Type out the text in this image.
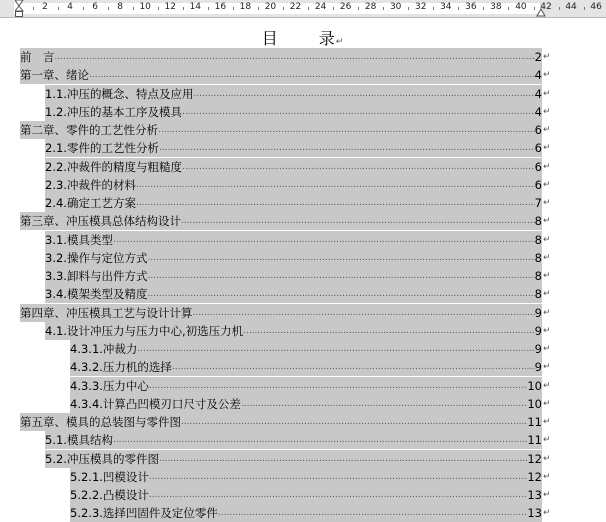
2 4 6 8 10 12 14 16 18 20 22 24 26 28 30 32 34 36 38 40 42 44 46
目	录↵
前　言 .....	2 ↵
第一章、绪论 .....	4 ↵
1.1.冲压的概念、特点及应用 .....	4 ↵
1.2.冲压的基本工序及模具 .....	4 ↵
第二章、零件的工艺性分析 .....	6 ↵
2.1.零件的工艺性分析 .....	6 ↵
2.2.冲裁件的精度与粗糙度 .....	6 ↵
2.3.冲裁件的材料 .....	6 ↵
2.4.确定工艺方案 .....	7 ↵
第三章、冲压模具总体结构设计 .....	8 ↵
3.1.模具类型 .....	8 ↵
3.2.操作与定位方式 .....	8 ↵
3.3.卸料与出件方式 .....	8 ↵
3.4.模架类型及精度 .....	8 ↵
第四章、冲压模具工艺与设计计算 .....	9 ↵
4.1.设计冲压力与压力中心,初选压力机 .....	9 ↵
4.3.1.冲裁力 .....	9 ↵
4.3.2.压力机的选择 .....	9 ↵
4.3.3.压力中心 .....	10 ↵
4.3.4.计算凸凹模刃口尺寸及公差 .....	10 ↵
第五章、模具的总装图与零件图 .....	11 ↵
5.1.模具结构 .....	11 ↵
5.2.冲压模具的零件图 .....	12 ↵
5.2.1.凹模设计 .....	12 ↵
5.2.2.凸模设计 .....	13 ↵
5.2.3.选择凹固件及定位零件 .....	13 ↵
